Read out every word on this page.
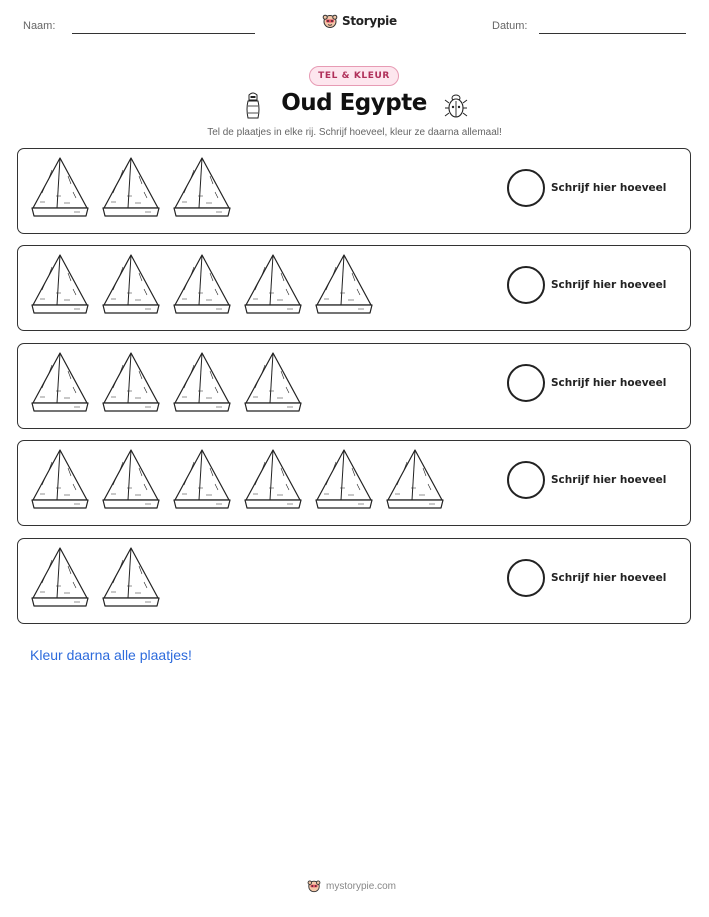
Naam:	Storypie	Datum:
TEL & KLEUR
Oud Egypte
Tel de plaatjes in elke rij. Schrijf hoeveel, kleur ze daarna allemaal!
Schrijf hier hoeveel
Schrijf hier hoeveel
Schrijf hier hoeveel
Schrijf hier hoeveel
Schrijf hier hoeveel
Kleur daarna alle plaatjes!
mystorypie.com
